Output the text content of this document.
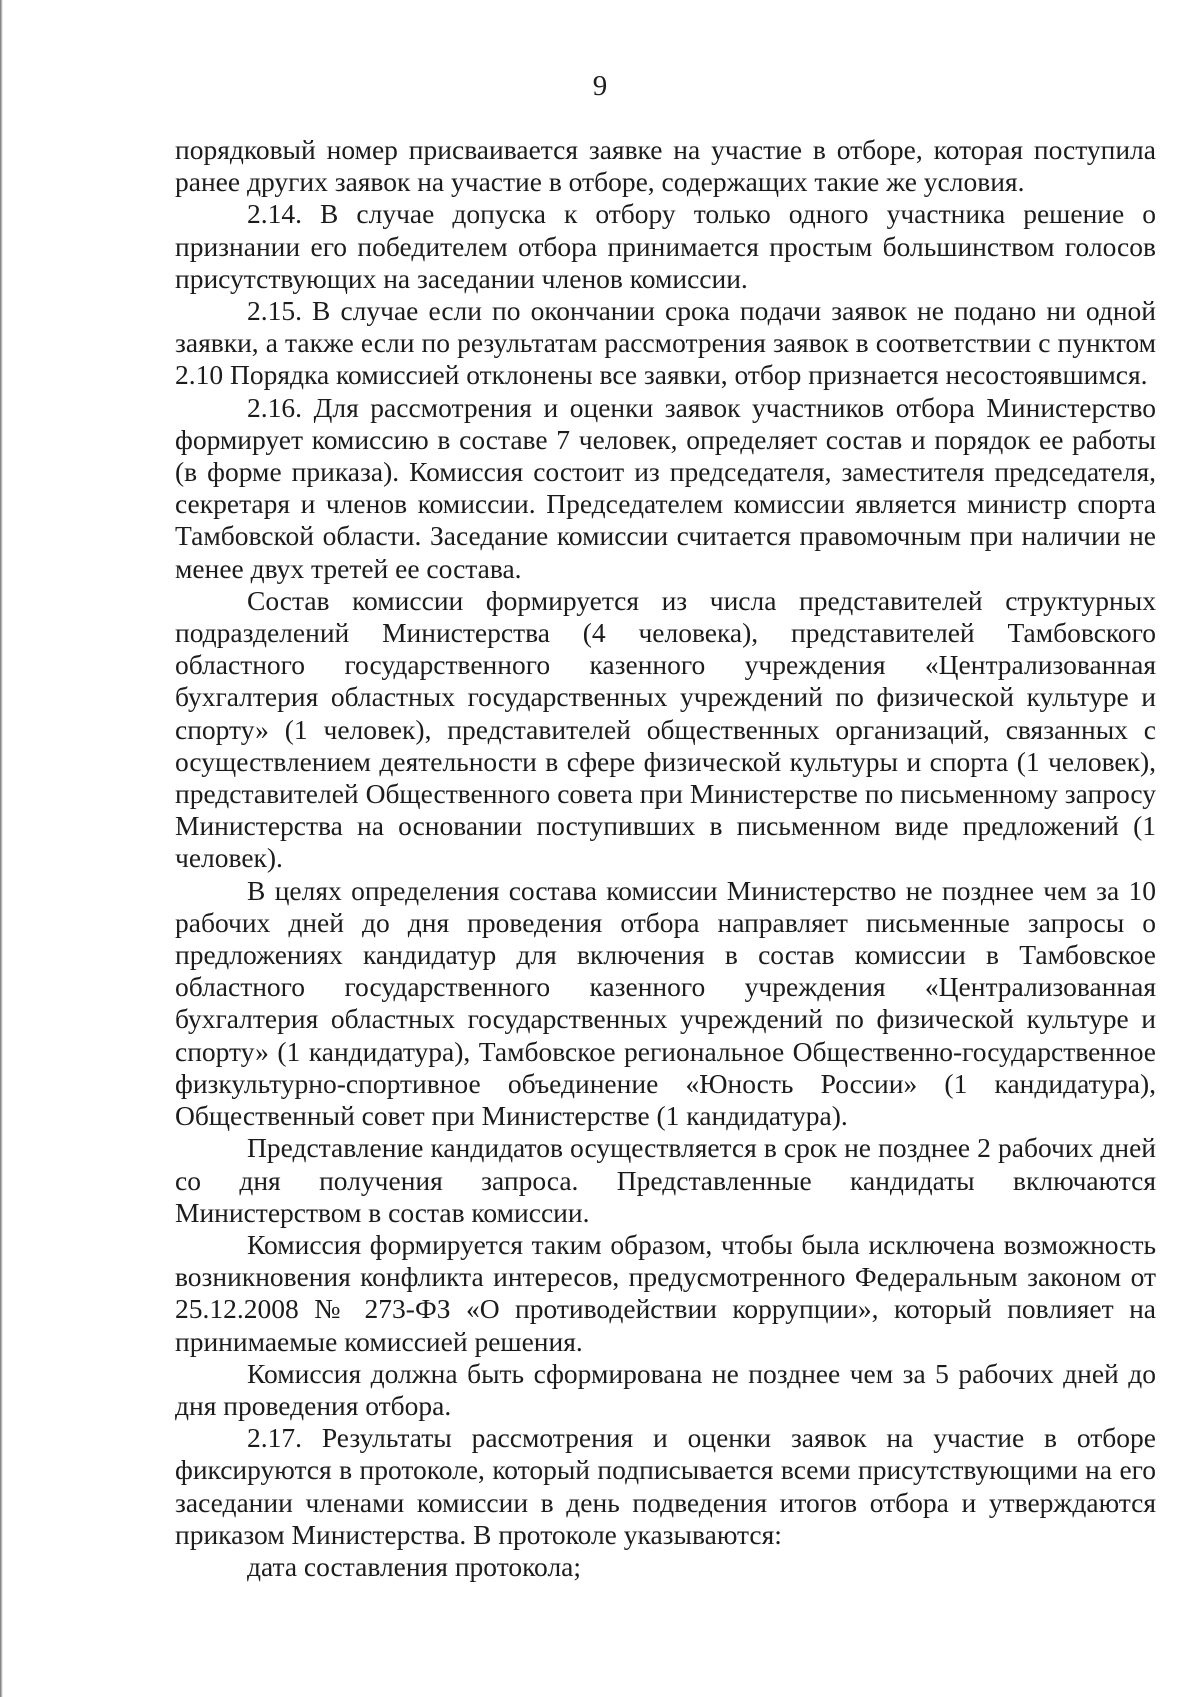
9

порядковый номер присваивается заявке на участие в отборе, которая поступила ранее других заявок на участие в отборе, содержащих такие же условия.

2.14. В случае допуска к отбору только одного участника решение о признании его победителем отбора принимается простым большинством голосов присутствующих на заседании членов комиссии.

2.15. В случае если по окончании срока подачи заявок не подано ни одной заявки, а также если по результатам рассмотрения заявок в соответствии с пунктом 2.10 Порядка комиссией отклонены все заявки, отбор признается несостоявшимся.

2.16. Для рассмотрения и оценки заявок участников отбора Министерство формирует комиссию в составе 7 человек, определяет состав и порядок ее работы (в форме приказа). Комиссия состоит из председателя, заместителя председателя, секретаря и членов комиссии. Председателем комиссии является министр спорта Тамбовской области. Заседание комиссии считается правомочным при наличии не менее двух третей ее состава.

Состав комиссии формируется из числа представителей структурных подразделений Министерства (4 человека), представителей Тамбовского областного государственного казенного учреждения «Централизованная бухгалтерия областных государственных учреждений по физической культуре и спорту» (1 человек), представителей общественных организаций, связанных с осуществлением деятельности в сфере физической культуры и спорта (1 человек), представителей Общественного совета при Министерстве по письменному запросу Министерства на основании поступивших в письменном виде предложений (1 человек).

В целях определения состава комиссии Министерство не позднее чем за 10 рабочих дней до дня проведения отбора направляет письменные запросы о предложениях кандидатур для включения в состав комиссии в Тамбовское областного государственного казенного учреждения «Централизованная бухгалтерия областных государственных учреждений по физической культуре и спорту» (1 кандидатура), Тамбовское региональное Общественно-государственное физкультурно-спортивное объединение «Юность России» (1 кандидатура), Общественный совет при Министерстве (1 кандидатура).

Представление кандидатов осуществляется в срок не позднее 2 рабочих дней со дня получения запроса. Представленные кандидаты включаются Министерством в состав комиссии.

Комиссия формируется таким образом, чтобы была исключена возможность возникновения конфликта интересов, предусмотренного Федеральным законом от 25.12.2008 № 273-ФЗ «О противодействии коррупции», который повлияет на принимаемые комиссией решения.

Комиссия должна быть сформирована не позднее чем за 5 рабочих дней до дня проведения отбора.

2.17. Результаты рассмотрения и оценки заявок на участие в отборе фиксируются в протоколе, который подписывается всеми присутствующими на его заседании членами комиссии в день подведения итогов отбора и утверждаются приказом Министерства. В протоколе указываются:

дата составления протокола;
